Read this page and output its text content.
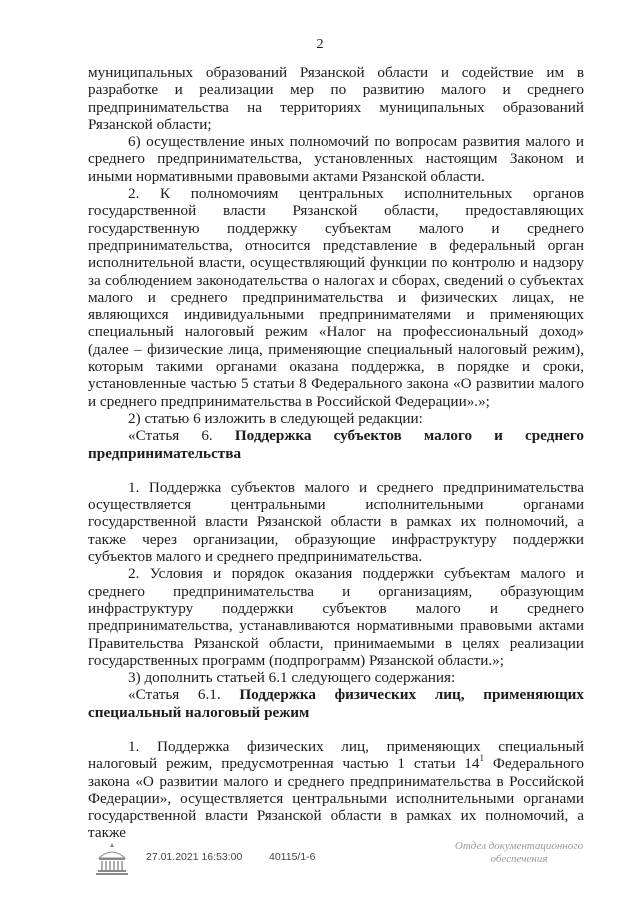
2

муниципальных образований Рязанской области и содействие им в разработке и реализации мер по развитию малого и среднего предпринимательства на территориях муниципальных образований Рязанской области;

6) осуществление иных полномочий по вопросам развития малого и среднего предпринимательства, установленных настоящим Законом и иными нормативными правовыми актами Рязанской области.

2. К полномочиям центральных исполнительных органов государственной власти Рязанской области, предоставляющих государственную поддержку субъектам малого и среднего предпринимательства, относится представление в федеральный орган исполнительной власти, осуществляющий функции по контролю и надзору за соблюдением законодательства о налогах и сборах, сведений о субъектах малого и среднего предпринимательства и физических лицах, не являющихся индивидуальными предпринимателями и применяющих специальный налоговый режим «Налог на профессиональный доход» (далее – физические лица, применяющие специальный налоговый режим), которым такими органами оказана поддержка, в порядке и сроки, установленные частью 5 статьи 8 Федерального закона «О развитии малого и среднего предпринимательства в Российской Федерации».»;

2) статью 6 изложить в следующей редакции:

«Статья 6. Поддержка субъектов малого и среднего предпринимательства

1. Поддержка субъектов малого и среднего предпринимательства осуществляется центральными исполнительными органами государственной власти Рязанской области в рамках их полномочий, а также через организации, образующие инфраструктуру поддержки субъектов малого и среднего предпринимательства.

2. Условия и порядок оказания поддержки субъектам малого и среднего предпринимательства и организациям, образующим инфраструктуру поддержки субъектов малого и среднего предпринимательства, устанавливаются нормативными правовыми актами Правительства Рязанской области, принимаемыми в целях реализации государственных программ (подпрограмм) Рязанской области.»;

3) дополнить статьей 6.1 следующего содержания:

«Статья 6.1. Поддержка физических лиц, применяющих специальный налоговый режим

1. Поддержка физических лиц, применяющих специальный налоговый режим, предусмотренная частью 1 статьи $14^1$ Федерального закона «О развитии малого и среднего предпринимательства в Российской Федерации», осуществляется центральными исполнительными органами государственной власти Рязанской области в рамках их полномочий, а также

27.01.2021 16:53:00	40115/1-6
Отдел документационного
обеспечения
